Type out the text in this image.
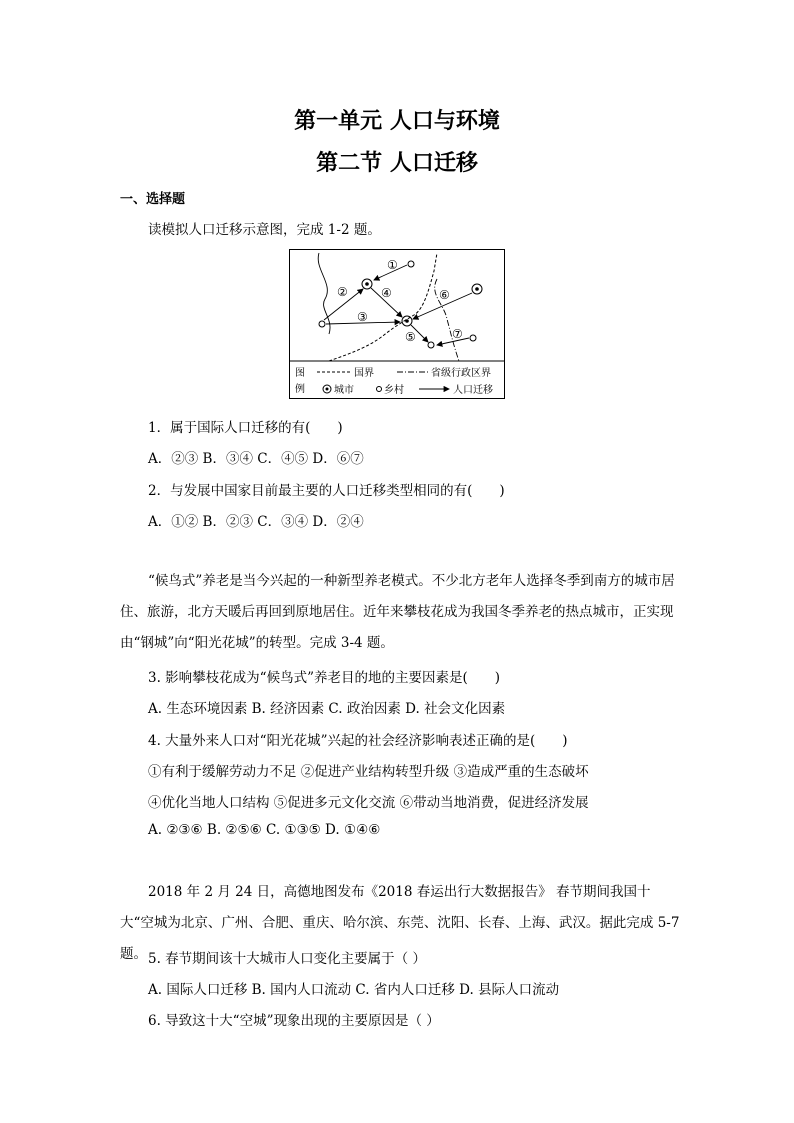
第一单元 人口与环境
第二节 人口迁移
一、选择题
读模拟人口迁移示意图，完成 1-2 题。
①
②
③
④
⑤
⑥
⑦
图
例
国界	省级行政区界
城市	乡村	人口迁移
1．属于国际人口迁移的有(　　)
A．②③ B．③④ C．④⑤ D．⑥⑦
2．与发展中国家目前最主要的人口迁移类型相同的有(　　)
A．①② B．②③ C．③④ D．②④
“候鸟式”养老是当今兴起的一种新型养老模式。不少北方老年人选择冬季到南方的城市居住、旅游，北方天暖后再回到原地居住。近年来攀枝花成为我国冬季养老的热点城市，正实现由“钢城”向“阳光花城”的转型。完成 3-4 题。
3. 影响攀枝花成为“候鸟式”养老目的地的主要因素是(　　)
A. 生态环境因素 B. 经济因素 C. 政治因素 D. 社会文化因素
4. 大量外来人口对“阳光花城”兴起的社会经济影响表述正确的是(　　)
①有利于缓解劳动力不足 ②促进产业结构转型升级 ③造成严重的生态破坏
④优化当地人口结构 ⑤促进多元文化交流 ⑥带动当地消费，促进经济发展
A. ②③⑥ B. ②⑤⑥ C. ①③⑤ D. ①④⑥
2018 年 2 月 24 日，高德地图发布《2018 春运出行大数据报告》 春节期间我国十大“空城为北京、广州、合肥、重庆、哈尔滨、东莞、沈阳、长春、上海、武汉。据此完成 5-7 题。 5. 春节期间该十大城市人口变化主要属于（ ）
A. 国际人口迁移 B. 国内人口流动 C. 省内人口迁移 D. 县际人口流动
6. 导致这十大“空城”现象出现的主要原因是（ ）
